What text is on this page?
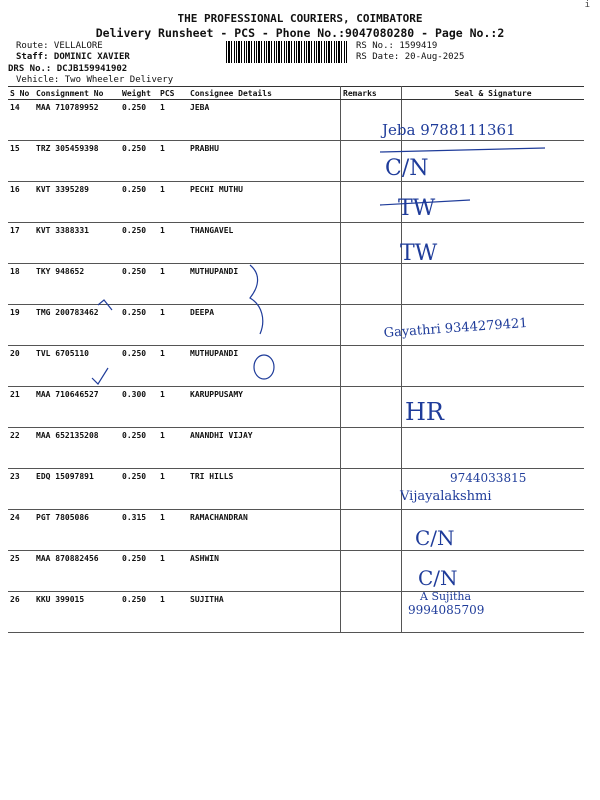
THE PROFESSIONAL COURIERS, COIMBATORE
Delivery Runsheet - PCS - Phone No.:9047080280 - Page No.:2
i
Route: VELLALORE
Staff: DOMINIC XAVIER
DRS No.: DCJB159941902
Vehicle: Two Wheeler Delivery
RS No.: 1599419
RS Date: 20-Aug-2025
S No	Consignment No	Weight	PCS	Consignee Details	Remarks	Seal & Signature
14	MAA 710789952	0.250	1	JEBA		
15	TRZ 305459398	0.250	1	PRABHU		
16	KVT 3395289	0.250	1	PECHI MUTHU		
17	KVT 3388331	0.250	1	THANGAVEL		
18	TKY 948652	0.250	1	MUTHUPANDI		
19	TMG 200783462	0.250	1	DEEPA		
20	TVL 6705110	0.250	1	MUTHUPANDI		
21	MAA 710646527	0.300	1	KARUPPUSAMY		
22	MAA 652135208	0.250	1	ANANDHI VIJAY		
23	EDQ 15097891	0.250	1	TRI HILLS		
24	PGT 7805086	0.315	1	RAMACHANDRAN		
25	MAA 870882456	0.250	1	ASHWIN		
26	KKU 399015	0.250	1	SUJITHA		
Jeba 9788111361
C/N
TW
TW
Gayathri 9344279421
HR
9744033815
Vijayalakshmi
C/N
C/N
A Sujitha
9994085709
